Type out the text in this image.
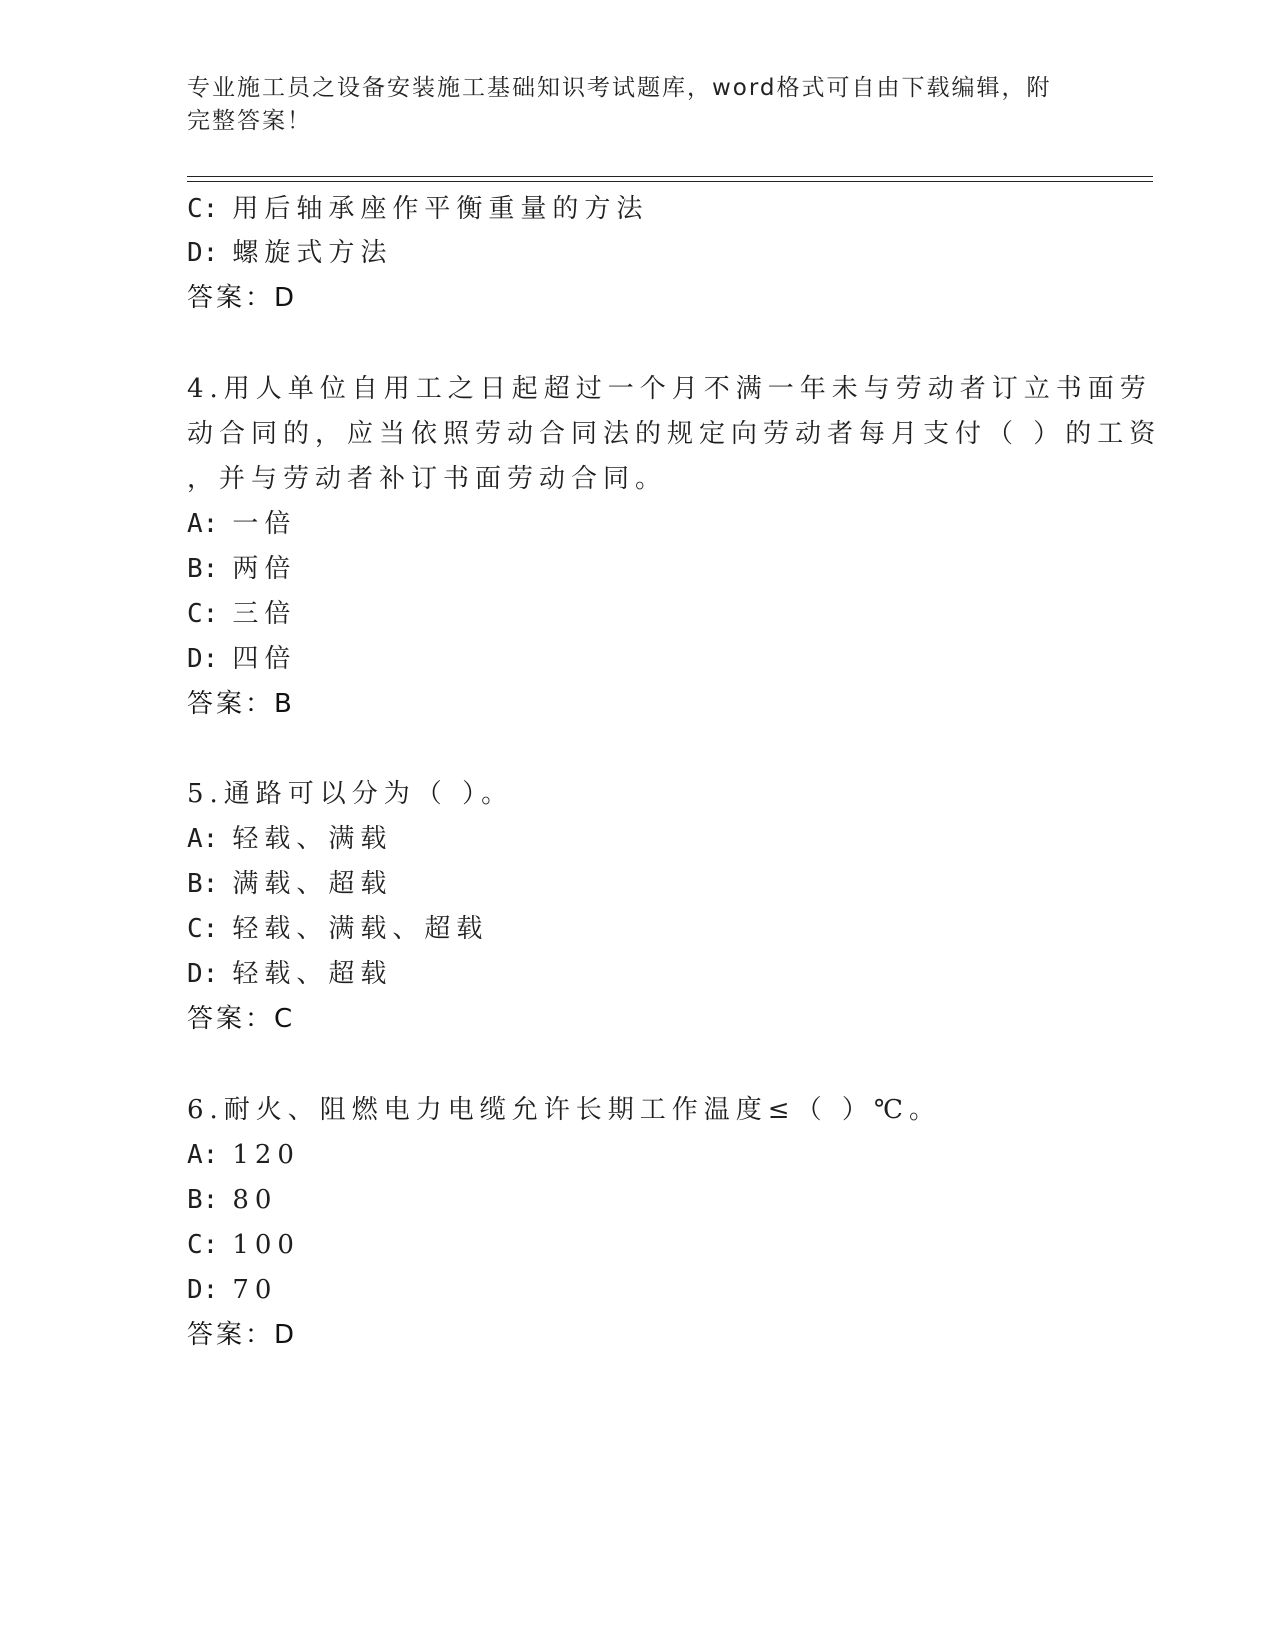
专业施工员之设备安装施工基础知识考试题库，word格式可自由下载编辑，附完整答案！
C: 用后轴承座作平衡重量的方法
D: 螺旋式方法
答案：D
4.用人单位自用工之日起超过一个月不满一年未与劳动者订立书面劳
动合同的，应当依照劳动合同法的规定向劳动者每月支付（ ）的工资
，并与劳动者补订书面劳动合同。
A: 一倍
B: 两倍
C: 三倍
D: 四倍
答案：B
5.通路可以分为（ ）。
A: 轻载、满载
B: 满载、超载
C: 轻载、满载、超载
D: 轻载、超载
答案：C
6.耐火、阻燃电力电缆允许长期工作温度≤（ ）℃。
A: 120
B: 80
C: 100
D: 70
答案：D
